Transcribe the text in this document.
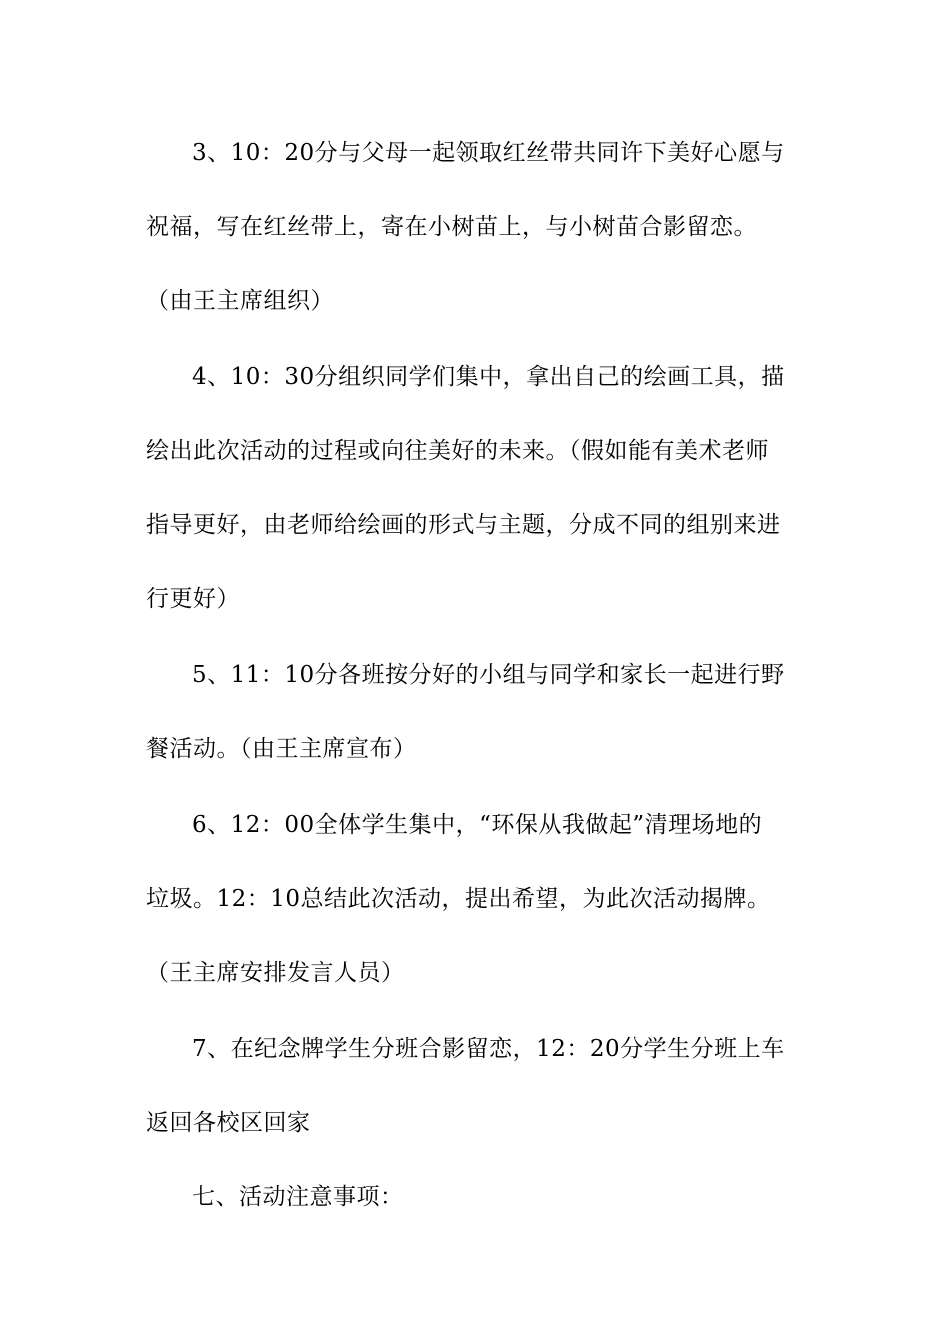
3、10：20分与父母一起领取红丝带共同许下美好心愿与
祝福，写在红丝带上，寄在小树苗上，与小树苗合影留恋。
（由王主席组织）
4、10：30分组织同学们集中，拿出自己的绘画工具，描
绘出此次活动的过程或向往美好的未来。（假如能有美术老师
指导更好，由老师给绘画的形式与主题，分成不同的组别来进
行更好）
5、11：10分各班按分好的小组与同学和家长一起进行野
餐活动。（由王主席宣布）
6、12：00全体学生集中，“环保从我做起”清理场地的
垃圾。12：10总结此次活动，提出希望，为此次活动揭牌。
（王主席安排发言人员）
7、在纪念牌学生分班合影留恋，12：20分学生分班上车
返回各校区回家
七、活动注意事项：
